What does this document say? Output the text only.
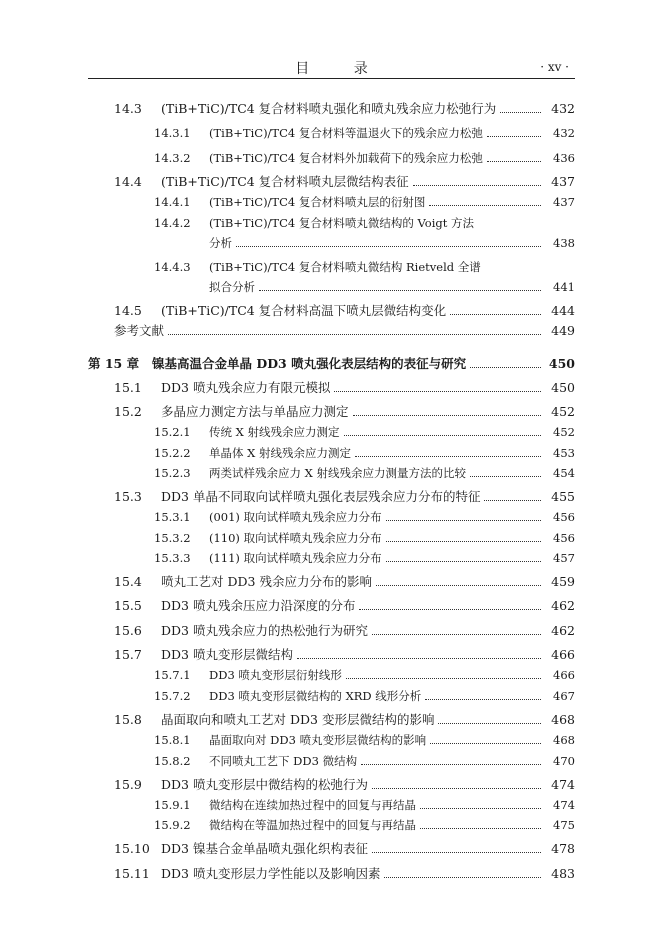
目 录	· xv ·
14.3	(TiB+TiC)/TC4 复合材料喷丸强化和喷丸残余应力松弛行为	432
14.3.1	(TiB+TiC)/TC4 复合材料等温退火下的残余应力松弛	432
14.3.2	(TiB+TiC)/TC4 复合材料外加载荷下的残余应力松弛	436
14.4	(TiB+TiC)/TC4 复合材料喷丸层微结构表征	437
14.4.1	(TiB+TiC)/TC4 复合材料喷丸层的衍射图	437
14.4.2	(TiB+TiC)/TC4 复合材料喷丸微结构的 Voigt 方法
分析	438
14.4.3	(TiB+TiC)/TC4 复合材料喷丸微结构 Rietveld 全谱
拟合分析	441
14.5	(TiB+TiC)/TC4 复合材料高温下喷丸层微结构变化	444
参考文献	449
第 15 章	镍基高温合金单晶 DD3 喷丸强化表层结构的表征与研究	450
15.1	DD3 喷丸残余应力有限元模拟	450
15.2	多晶应力测定方法与单晶应力测定	452
15.2.1	传统 X 射线残余应力测定	452
15.2.2	单晶体 X 射线残余应力测定	453
15.2.3	两类试样残余应力 X 射线残余应力测量方法的比较	454
15.3	DD3 单晶不同取向试样喷丸强化表层残余应力分布的特征	455
15.3.1	(001) 取向试样喷丸残余应力分布	456
15.3.2	(110) 取向试样喷丸残余应力分布	456
15.3.3	(111) 取向试样喷丸残余应力分布	457
15.4	喷丸工艺对 DD3 残余应力分布的影响	459
15.5	DD3 喷丸残余压应力沿深度的分布	462
15.6	DD3 喷丸残余应力的热松弛行为研究	462
15.7	DD3 喷丸变形层微结构	466
15.7.1	DD3 喷丸变形层衍射线形	466
15.7.2	DD3 喷丸变形层微结构的 XRD 线形分析	467
15.8	晶面取向和喷丸工艺对 DD3 变形层微结构的影响	468
15.8.1	晶面取向对 DD3 喷丸变形层微结构的影响	468
15.8.2	不同喷丸工艺下 DD3 微结构	470
15.9	DD3 喷丸变形层中微结构的松弛行为	474
15.9.1	微结构在连续加热过程中的回复与再结晶	474
15.9.2	微结构在等温加热过程中的回复与再结晶	475
15.10 DD3 镍基合金单晶喷丸强化织构表征	478
15.11 DD3 喷丸变形层力学性能以及影响因素	483
